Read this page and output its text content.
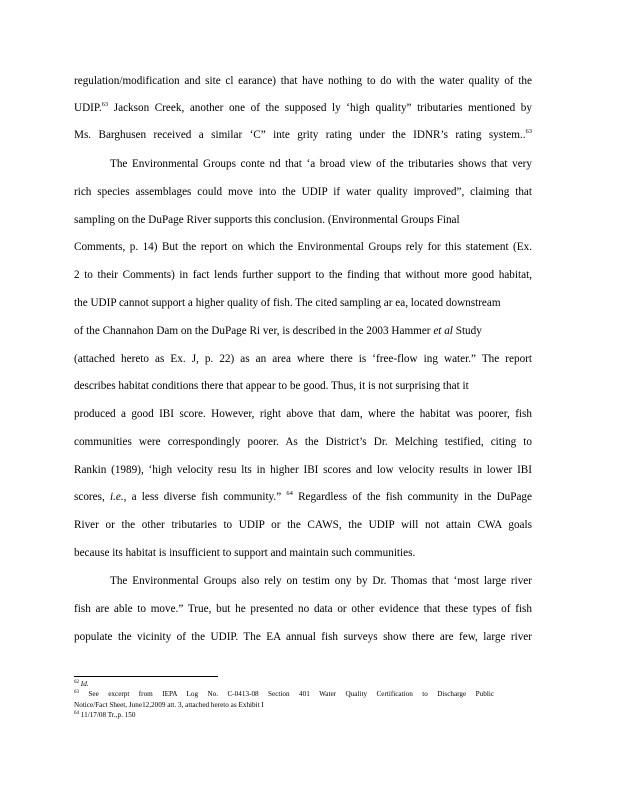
regulation/modification and site cl earance) that have nothing to do with the water quality of the
UDIP.$^{63}$ Jackson Creek, another one of the supposed ly ‘high quality” tributaries mentioned by
Ms. Barghusen received a similar ‘C” inte grity rating under the IDNR’s rating system..$^{63}$
The Environmental Groups conte nd that ‘a broad view of the tributaries shows that very
rich species assemblages could move into the UDIP if water quality improved”, claiming that
sampling on the DuPage River supports this conclusion. (Environmental Groups Final
Comments, p. 14) But the report on which the Environmental Groups rely for this statement (Ex.
2 to their Comments) in fact lends further support to the finding that without more good habitat,
the UDIP cannot support a higher quality of fish. The cited sampling ar ea, located downstream
of the Channahon Dam on the DuPage Ri ver, is described in the 2003 Hammer et al Study
(attached hereto as Ex. J, p. 22) as an area where there is ‘free-flow ing water.” The report
describes habitat conditions there that appear to be good. Thus, it is not surprising that it
produced a good IBI score. However, right above that dam, where the habitat was poorer, fish
communities were correspondingly poorer. As the District’s Dr. Melching testified, citing to
Rankin (1989), ‘high velocity resu lts in higher IBI scores and low velocity results in lower IBI
scores, i.e., a less diverse fish community.” $^{64}$ Regardless of the fish community in the DuPage
River or the other tributaries to UDIP or the CAWS, the UDIP will not attain CWA goals
because its habitat is insufficient to support and maintain such communities.
The Environmental Groups also rely on testim ony by Dr. Thomas that ‘most large river
fish are able to move.” True, but he presented no data or other evidence that these types of fish
populate the vicinity of the UDIP. The EA annual fish surveys show there are few, large river
$^{62}$ Id.
$^{63}$ See excerpt from IEPA Log No. C-0413-08 Section 401 Water Quality Certification to Discharge Public
Notice/Fact Sheet, June12,2009 att. 3, attached hereto as Exhibit I
$^{64}$ 11/17/08 Tr.,p. 150
